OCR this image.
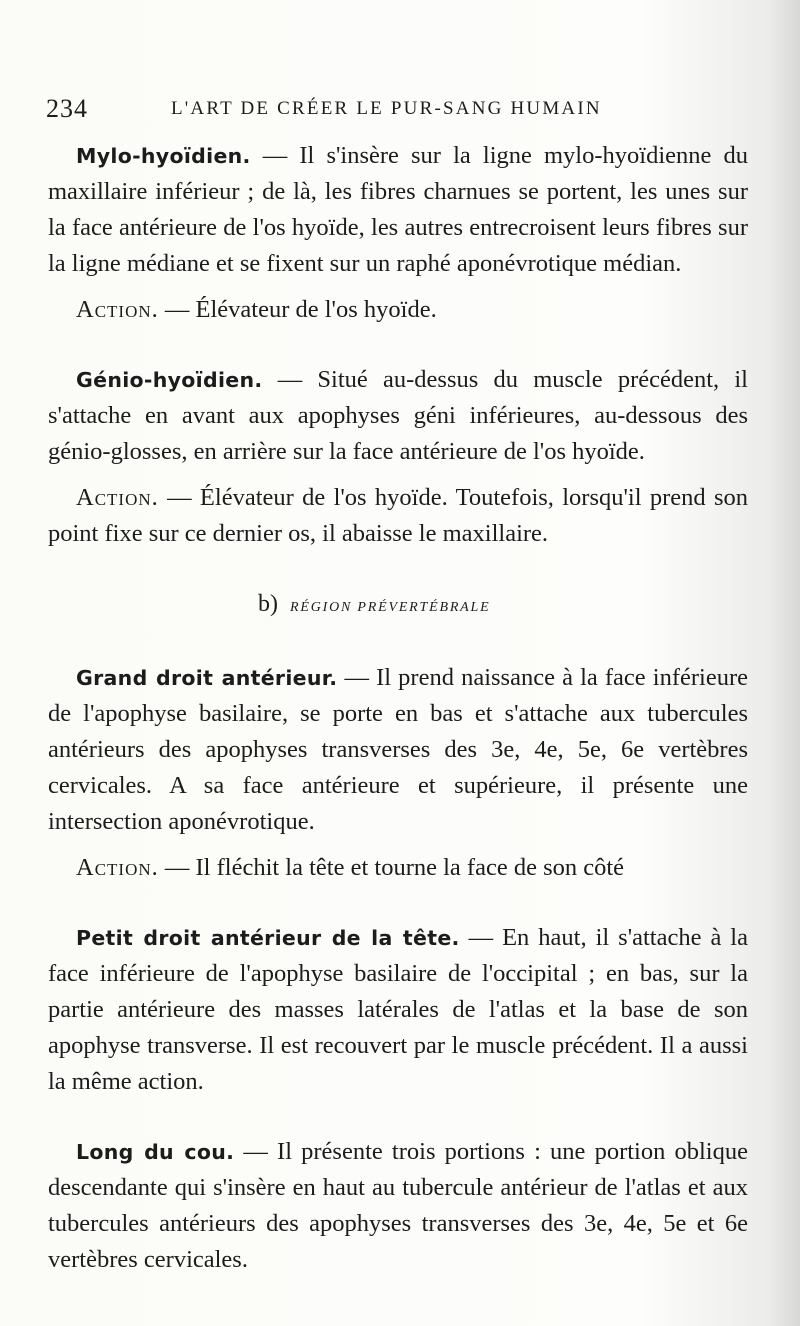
234	L'ART DE CRÉER LE PUR-SANG HUMAIN

Mylo-hyoïdien. — Il s'insère sur la ligne mylo-hyoïdienne du maxillaire inférieur ; de là, les fibres charnues se portent, les unes sur la face antérieure de l'os hyoïde, les autres entrecroisent leurs fibres sur la ligne médiane et se fixent sur un raphé aponévrotique médian.

Action. — Élévateur de l'os hyoïde.

Génio-hyoïdien. — Situé au-dessus du muscle précédent, il s'attache en avant aux apophyses géni inférieures, au-dessous des génio-glosses, en arrière sur la face antérieure de l'os hyoïde.

Action. — Élévateur de l'os hyoïde. Toutefois, lorsqu'il prend son point fixe sur ce dernier os, il abaisse le maxillaire.

b) RÉGION PRÉVERTÉBRALE

Grand droit antérieur. — Il prend naissance à la face inférieure de l'apophyse basilaire, se porte en bas et s'attache aux tubercules antérieurs des apophyses transverses des 3e, 4e, 5e, 6e vertèbres cervicales. A sa face antérieure et supérieure, il présente une intersection aponévrotique.

Action. — Il fléchit la tête et tourne la face de son côté

Petit droit antérieur de la tête. — En haut, il s'attache à la face inférieure de l'apophyse basilaire de l'occipital ; en bas, sur la partie antérieure des masses latérales de l'atlas et la base de son apophyse transverse. Il est recouvert par le muscle précédent. Il a aussi la même action.

Long du cou. — Il présente trois portions : une portion oblique descendante qui s'insère en haut au tubercule antérieur de l'atlas et aux tubercules antérieurs des apophyses transverses des 3e, 4e, 5e et 6e vertèbres cervicales.
